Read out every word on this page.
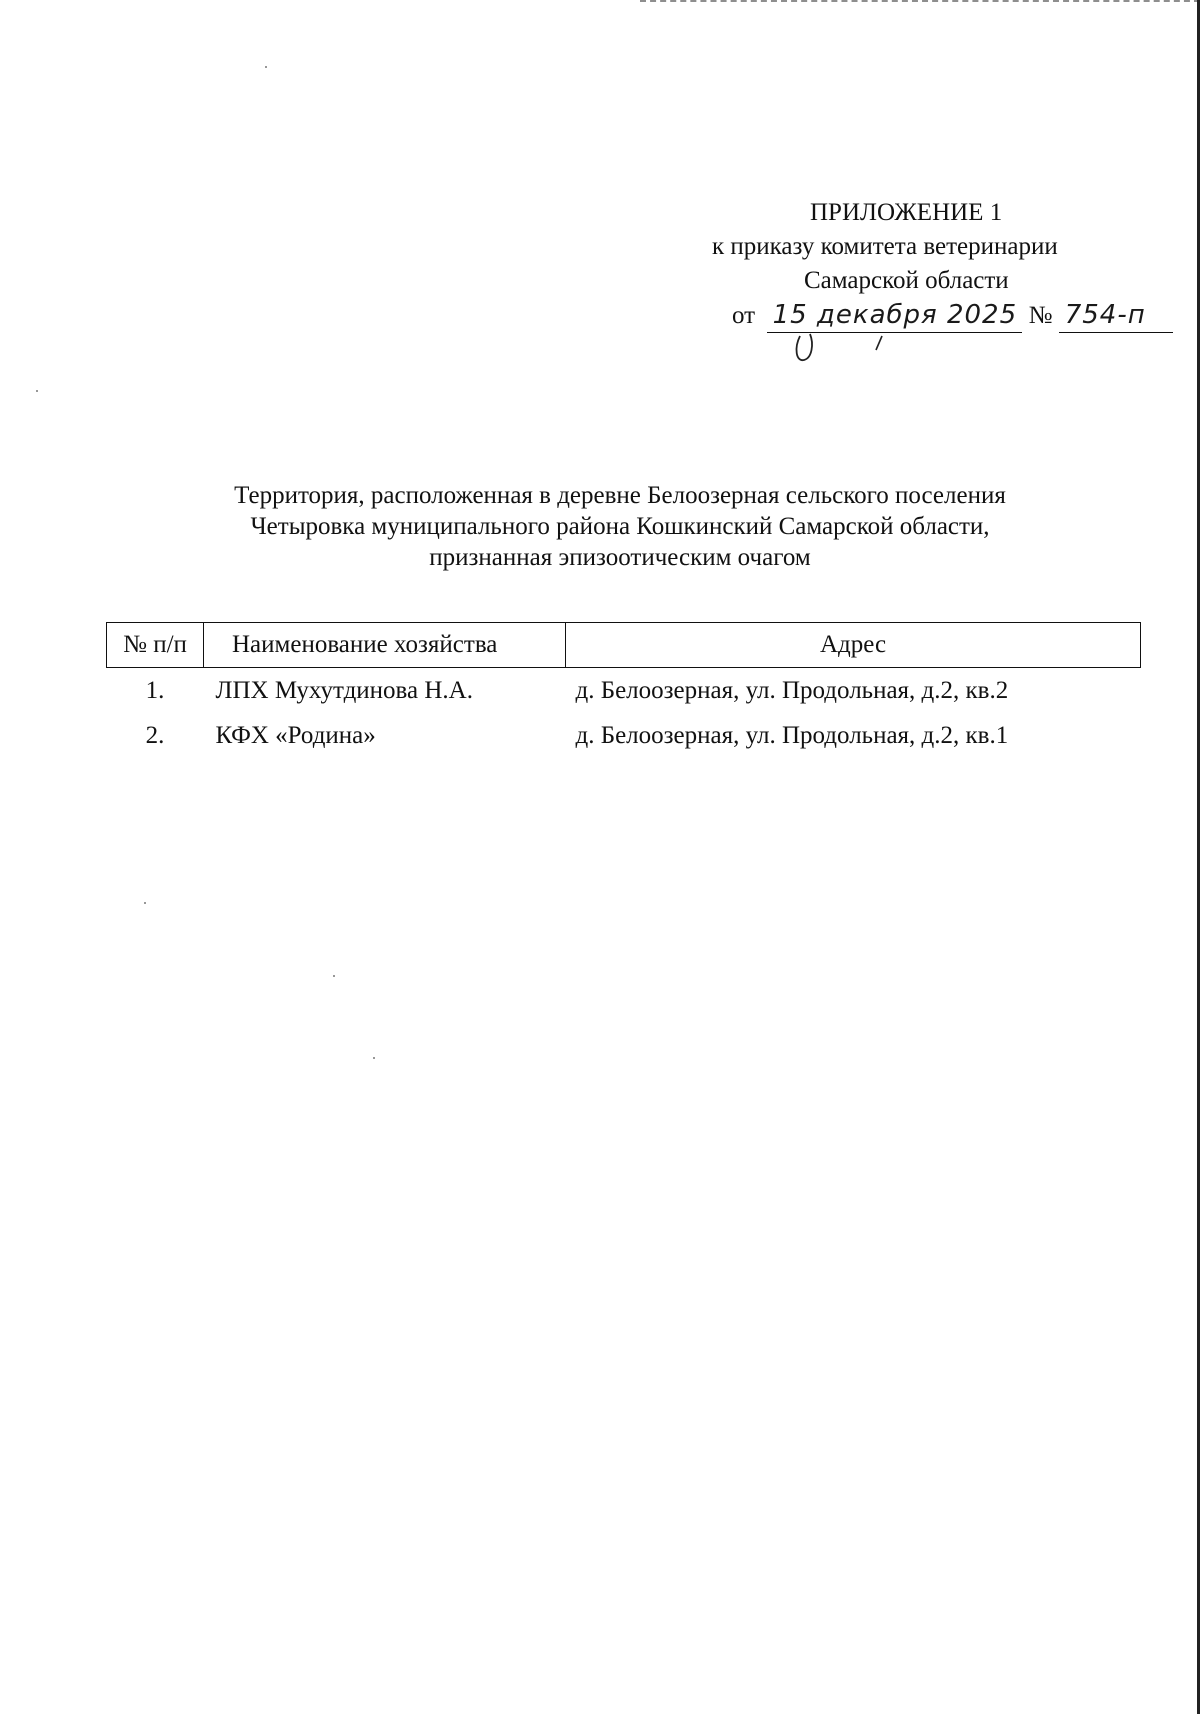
ПРИЛОЖЕНИЕ 1
к приказу комитета ветеринарии
Самарской области
от 15 декабря 2025 № 754-п
Территория, расположенная в деревне Белоозерная сельского поселения
Четыровка муниципального района Кошкинский Самарской области,
признанная эпизоотическим очагом
№ п/п	Наименование хозяйства	Адрес
1.	ЛПХ Мухутдинова Н.А.	д. Белоозерная, ул. Продольная, д.2, кв.2
2.	КФХ «Родина»	д. Белоозерная, ул. Продольная, д.2, кв.1
